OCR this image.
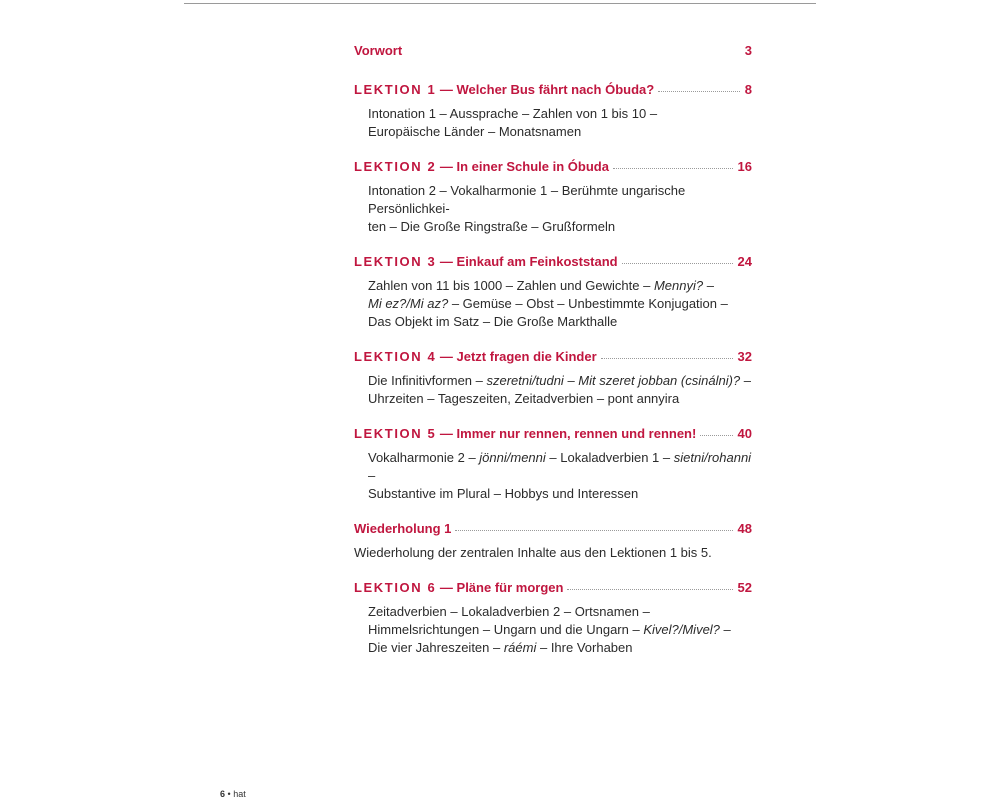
Vorwort	3
LEKTION 1 — Welcher Bus fährt nach Óbuda?	8
Intonation 1 – Aussprache – Zahlen von 1 bis 10 –
Europäische Länder – Monatsnamen
LEKTION 2 — In einer Schule in Óbuda	16
Intonation 2 – Vokalharmonie 1 – Berühmte ungarische Persönlichkei-
ten – Die Große Ringstraße – Grußformeln
LEKTION 3 — Einkauf am Feinkoststand	24
Zahlen von 11 bis 1000 – Zahlen und Gewichte – Mennyi? –
Mi ez?/Mi az? – Gemüse – Obst – Unbestimmte Konjugation –
Das Objekt im Satz – Die Große Markthalle
LEKTION 4 — Jetzt fragen die Kinder	32
Die Infinitivformen – szeretni/tudni – Mit szeret jobban (csinálni)? –
Uhrzeiten – Tageszeiten, Zeitadverbien – pont annyira
LEKTION 5 — Immer nur rennen, rennen und rennen!	40
Vokalharmonie 2 – jönni/menni – Lokaladverbien 1 – sietni/rohanni –
Substantive im Plural – Hobbys und Interessen
Wiederholung 1	48
Wiederholung der zentralen Inhalte aus den Lektionen 1 bis 5.
LEKTION 6 — Pläne für morgen	52
Zeitadverbien – Lokaladverbien 2 – Ortsnamen –
Himmelsrichtungen – Ungarn und die Ungarn – Kivel?/Mivel? –
Die vier Jahreszeiten – ráémi – Ihre Vorhaben
6 • hat
